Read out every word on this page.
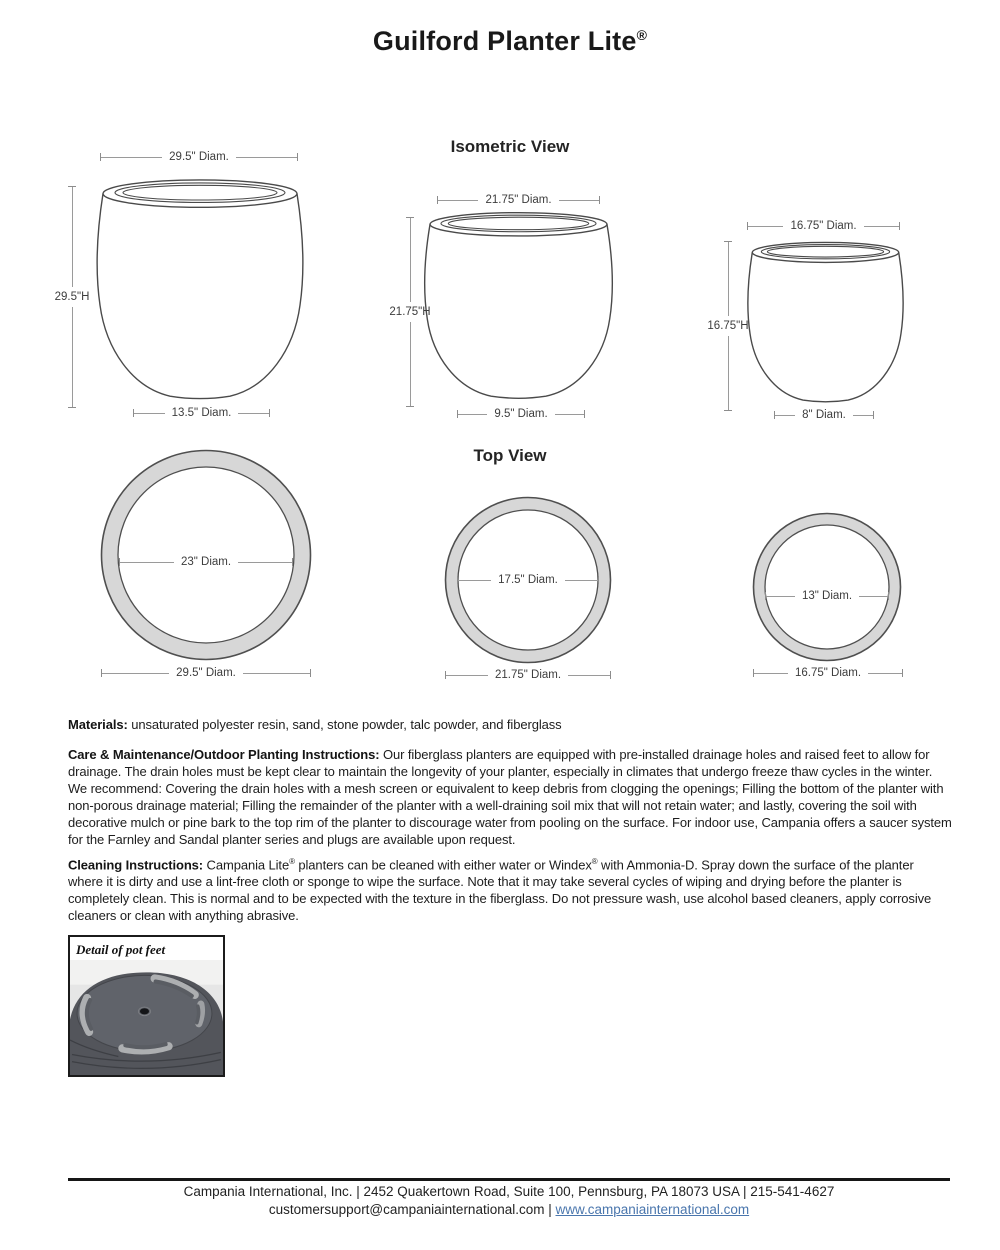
Guilford Planter Lite®
Isometric View
29.5" Diam.
29.5"H
13.5" Diam.
21.75" Diam.
21.75"H
9.5" Diam.
16.75" Diam.
16.75"H
8" Diam.
Top View
23" Diam.
29.5" Diam.
17.5" Diam.
21.75" Diam.
13" Diam.
16.75" Diam.

Materials: unsaturated polyester resin, sand, stone powder, talc powder, and fiberglass

Care & Maintenance/Outdoor Planting Instructions: Our fiberglass planters are equipped with pre-installed drainage holes and raised feet to allow for drainage. The drain holes must be kept clear to maintain the longevity of your planter, especially in climates that undergo freeze thaw cycles in the winter. We recommend: Covering the drain holes with a mesh screen or equivalent to keep debris from clogging the openings; Filling the bottom of the planter with non-porous drainage material; Filling the remainder of the planter with a well-draining soil mix that will not retain water; and lastly, covering the soil with decorative mulch or pine bark to the top rim of the planter to discourage water from pooling on the surface. For indoor use, Campania offers a saucer system for the Farnley and Sandal planter series and plugs are available upon request.

Cleaning Instructions: Campania Lite® planters can be cleaned with either water or Windex® with Ammonia-D. Spray down the surface of the planter where it is dirty and use a lint-free cloth or sponge to wipe the surface. Note that it may take several cycles of wiping and drying before the planter is completely clean. This is normal and to be expected with the texture in the fiberglass. Do not pressure wash, use alcohol based cleaners, apply corrosive cleaners or clean with anything abrasive.

Detail of pot feet
Campania International, Inc. | 2452 Quakertown Road, Suite 100, Pennsburg, PA 18073 USA | 215-541-4627
customersupport@campaniainternational.com | www.campaniainternational.com
